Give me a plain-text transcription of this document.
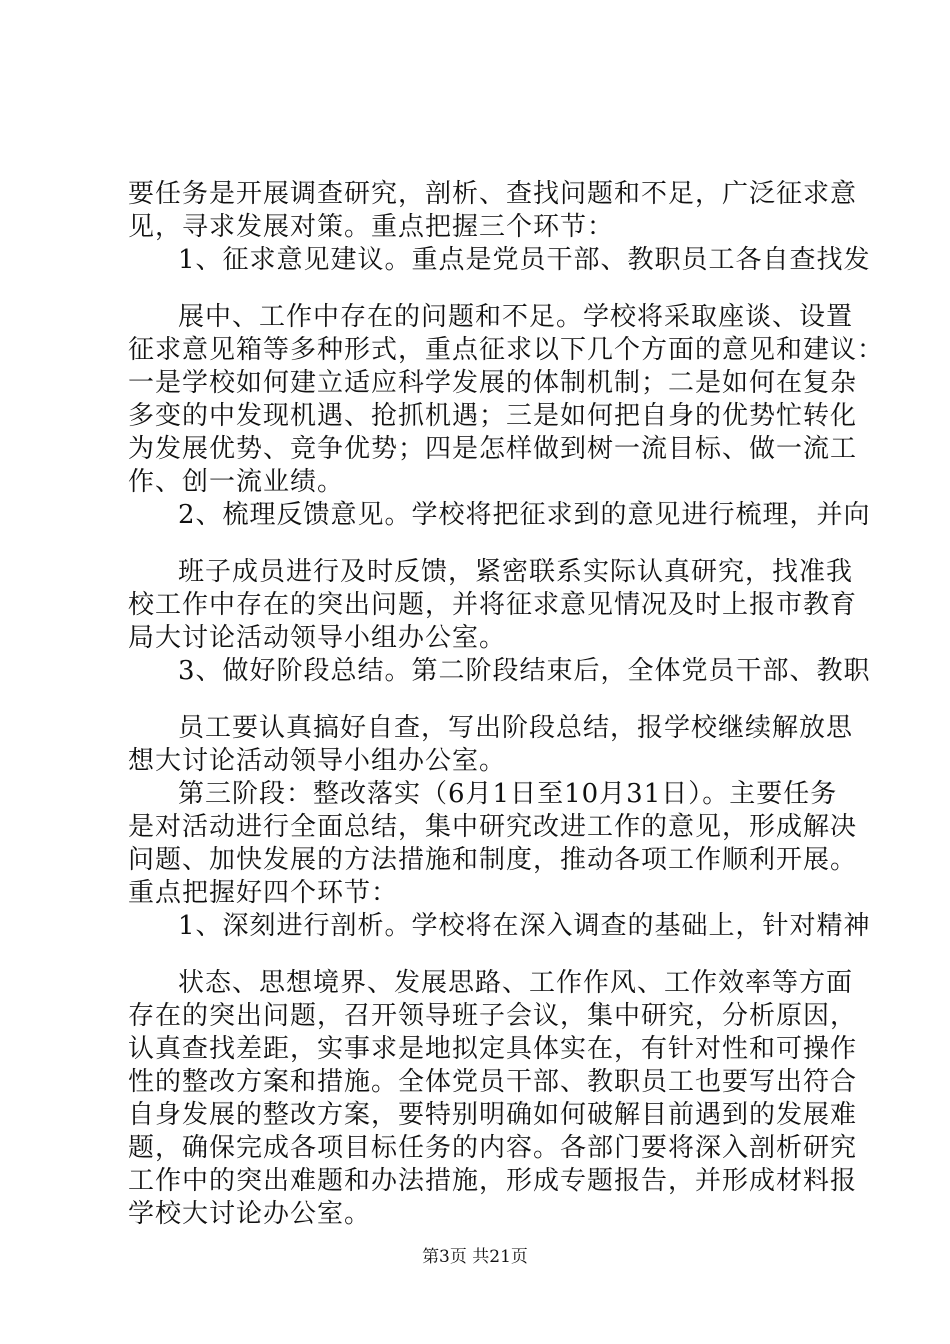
要任务是开展调查研究，剖析、查找问题和不足，广泛征求意
见，寻求发展对策。重点把握三个环节：
1、征求意见建议。重点是党员干部、教职员工各自查找发
展中、工作中存在的问题和不足。学校将采取座谈、设置
征求意见箱等多种形式，重点征求以下几个方面的意见和建议：
一是学校如何建立适应科学发展的体制机制；二是如何在复杂
多变的中发现机遇、抢抓机遇；三是如何把自身的优势忙转化
为发展优势、竞争优势；四是怎样做到树一流目标、做一流工
作、创一流业绩。
2、梳理反馈意见。学校将把征求到的意见进行梳理，并向
班子成员进行及时反馈，紧密联系实际认真研究，找准我
校工作中存在的突出问题，并将征求意见情况及时上报市教育
局大讨论活动领导小组办公室。
3、做好阶段总结。第二阶段结束后，全体党员干部、教职
员工要认真搞好自查，写出阶段总结，报学校继续解放思
想大讨论活动领导小组办公室。
第三阶段：整改落实（6月1日至10月31日）。主要任务
是对活动进行全面总结，集中研究改进工作的意见，形成解决
问题、加快发展的方法措施和制度，推动各项工作顺利开展。
重点把握好四个环节：
1、深刻进行剖析。学校将在深入调查的基础上，针对精神
状态、思想境界、发展思路、工作作风、工作效率等方面
存在的突出问题，召开领导班子会议，集中研究，分析原因，
认真查找差距，实事求是地拟定具体实在，有针对性和可操作
性的整改方案和措施。全体党员干部、教职员工也要写出符合
自身发展的整改方案，要特别明确如何破解目前遇到的发展难
题，确保完成各项目标任务的内容。各部门要将深入剖析研究
工作中的突出难题和办法措施，形成专题报告，并形成材料报
学校大讨论办公室。
第3页 共21页
